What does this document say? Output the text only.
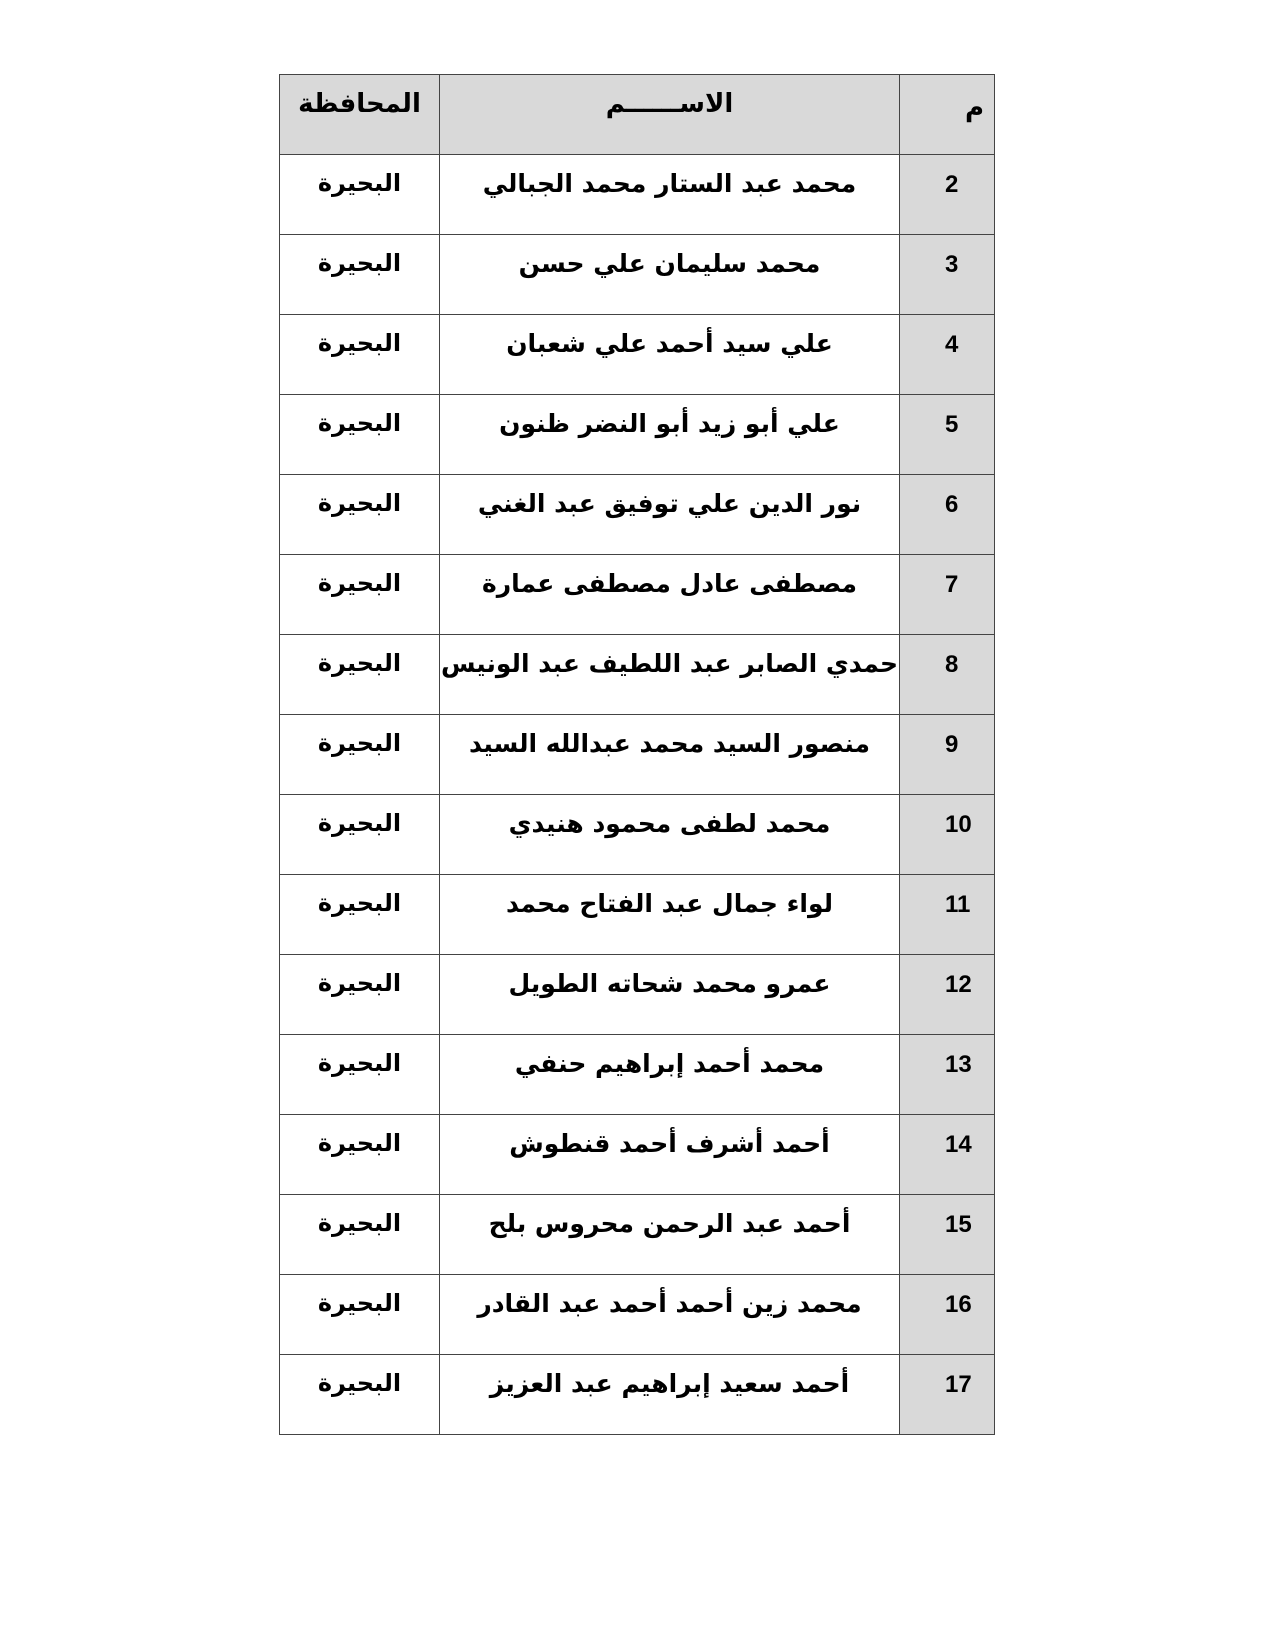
م	الاســــــم	المحافظة
2	محمد عبد الستار محمد الجبالي	البحيرة
3	محمد سليمان علي حسن	البحيرة
4	علي سيد أحمد علي شعبان	البحيرة
5	علي أبو زيد أبو النضر ظنون	البحيرة
6	نور الدين علي توفيق عبد الغني	البحيرة
7	مصطفى عادل مصطفى عمارة	البحيرة
8	حمدي الصابر عبد اللطيف عبد الونيس	البحيرة
9	منصور السيد محمد عبدالله السيد	البحيرة
10	محمد لطفى محمود هنيدي	البحيرة
11	لواء جمال عبد الفتاح محمد	البحيرة
12	عمرو محمد شحاته الطويل	البحيرة
13	محمد أحمد إبراهيم حنفي	البحيرة
14	أحمد أشرف أحمد قنطوش	البحيرة
15	أحمد عبد الرحمن محروس بلح	البحيرة
16	محمد زين أحمد أحمد عبد القادر	البحيرة
17	أحمد سعيد إبراهيم عبد العزيز	البحيرة
